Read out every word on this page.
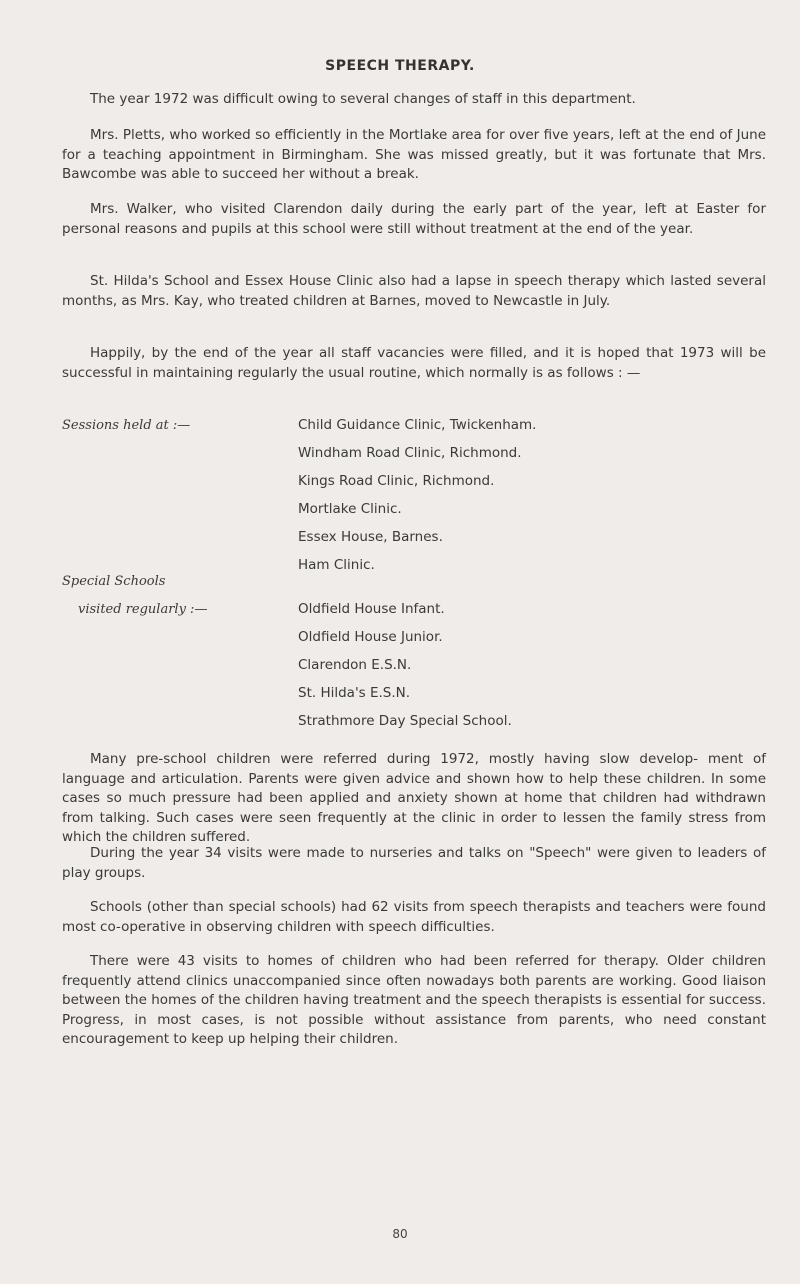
SPEECH THERAPY.

The year 1972 was difficult owing to several changes of staff in this department.

Mrs. Pletts, who worked so efficiently in the Mortlake area for over five years, left at the end of June for a teaching appointment in Birmingham. She was missed greatly, but it was fortunate that Mrs. Bawcombe was able to succeed her without a break.

Mrs. Walker, who visited Clarendon daily during the early part of the year, left at Easter for personal reasons and pupils at this school were still without treatment at the end of the year.

St. Hilda's School and Essex House Clinic also had a lapse in speech therapy which lasted several months, as Mrs. Kay, who treated children at Barnes, moved to Newcastle in July.

Happily, by the end of the year all staff vacancies were filled, and it is hoped that 1973 will be successful in maintaining regularly the usual routine, which normally is as follows : —

Sessions held at :—	Child Guidance Clinic, Twickenham.
Windham Road Clinic, Richmond.
Kings Road Clinic, Richmond.
Mortlake Clinic.
Essex House, Barnes.
Ham Clinic.
Special Schools
visited regularly :—	Oldfield House Infant.
Oldfield House Junior.
Clarendon E.S.N.
St. Hilda's E.S.N.
Strathmore Day Special School.

Many pre-school children were referred during 1972, mostly having slow develop- ment of language and articulation. Parents were given advice and shown how to help these children. In some cases so much pressure had been applied and anxiety shown at home that children had withdrawn from talking. Such cases were seen frequently at the clinic in order to lessen the family stress from which the children suffered.

During the year 34 visits were made to nurseries and talks on "Speech" were given to leaders of play groups.

Schools (other than special schools) had 62 visits from speech therapists and teachers were found most co-operative in observing children with speech difficulties.

There were 43 visits to homes of children who had been referred for therapy. Older children frequently attend clinics unaccompanied since often nowadays both parents are working. Good liaison between the homes of the children having treatment and the speech therapists is essential for success. Progress, in most cases, is not possible without assistance from parents, who need constant encouragement to keep up helping their children.

80
